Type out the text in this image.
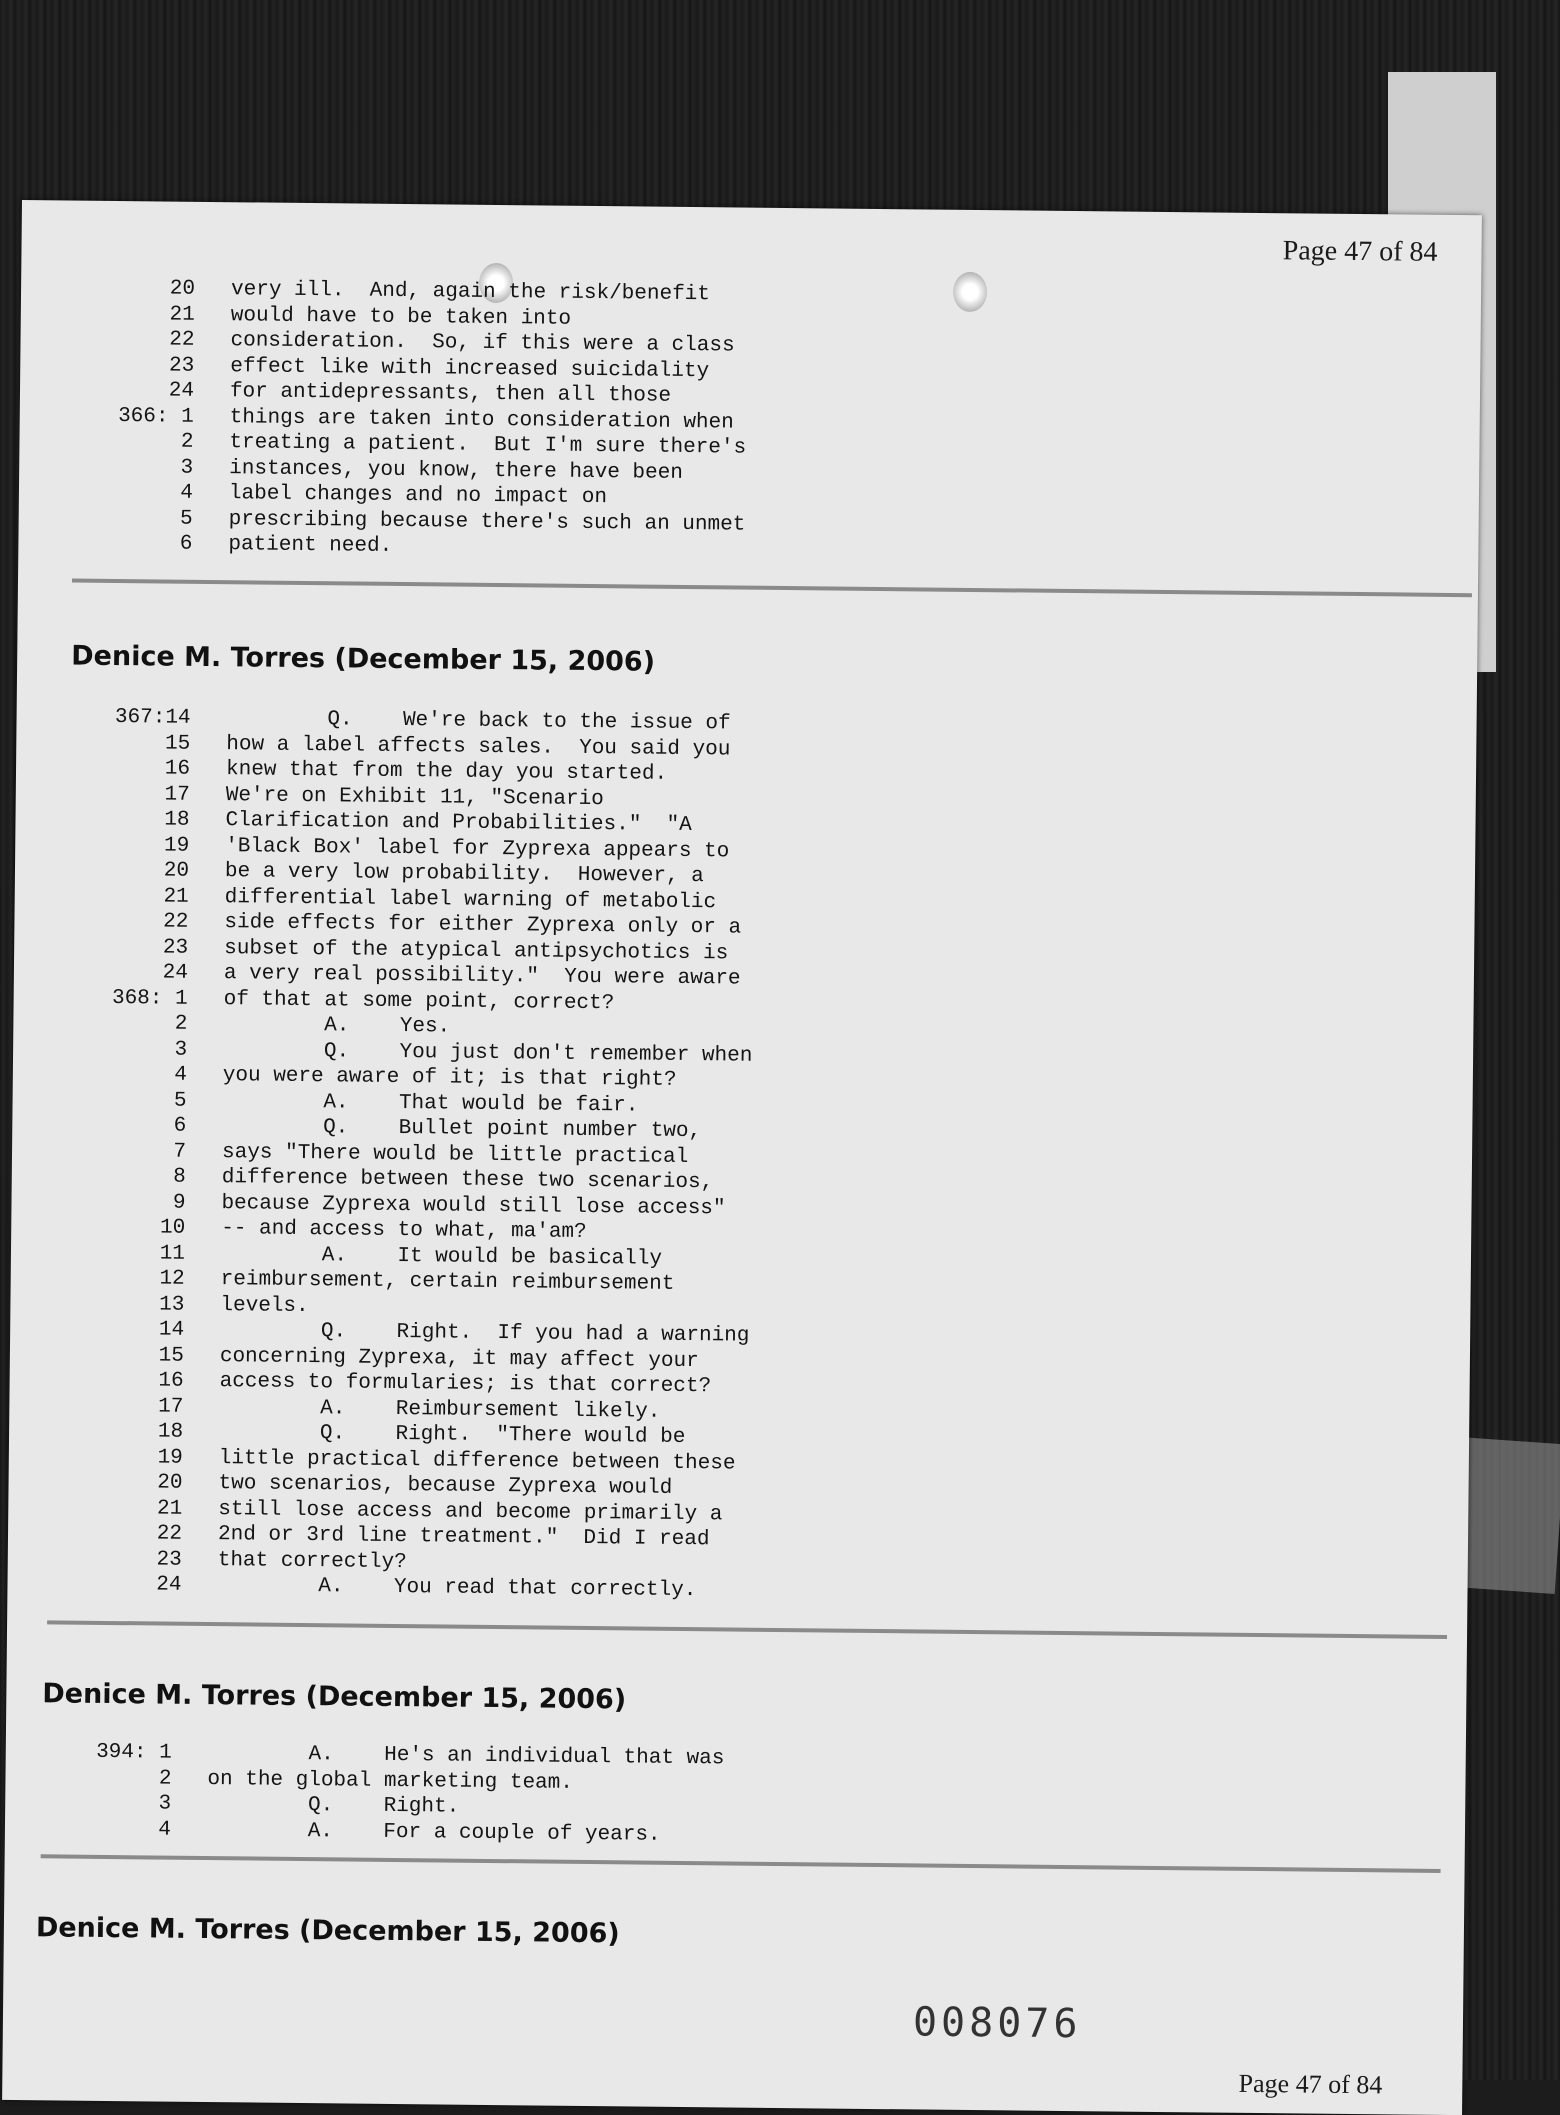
Page 47 of 84
20	very ill.  And, again the risk/benefit
21	would have to be taken into
22	consideration.  So, if this were a class
23	effect like with increased suicidality
24	for antidepressants, then all those
366: 1	things are taken into consideration when
2	treating a patient.  But I'm sure there's
3	instances, you know, there have been
4	label changes and no impact on
5	prescribing because there's such an unmet
6	patient need.
Denice M. Torres (December 15, 2006)
367:14	Q.    We're back to the issue of
15	how a label affects sales.  You said you
16	knew that from the day you started.
17	We're on Exhibit 11, "Scenario
18	Clarification and Probabilities."  "A
19	'Black Box' label for Zyprexa appears to
20	be a very low probability.  However, a
21	differential label warning of metabolic
22	side effects for either Zyprexa only or a
23	subset of the atypical antipsychotics is
24	a very real possibility."  You were aware
368: 1	of that at some point, correct?
2	A.    Yes.
3	Q.    You just don't remember when
4	you were aware of it; is that right?
5	A.    That would be fair.
6	Q.    Bullet point number two,
7	says "There would be little practical
8	difference between these two scenarios,
9	because Zyprexa would still lose access"
10	-- and access to what, ma'am?
11	A.    It would be basically
12	reimbursement, certain reimbursement
13	levels.
14	Q.    Right.  If you had a warning
15	concerning Zyprexa, it may affect your
16	access to formularies; is that correct?
17	A.    Reimbursement likely.
18	Q.    Right.  "There would be
19	little practical difference between these
20	two scenarios, because Zyprexa would
21	still lose access and become primarily a
22	2nd or 3rd line treatment."  Did I read
23	that correctly?
24	A.    You read that correctly.
Denice M. Torres (December 15, 2006)
394: 1	A.    He's an individual that was
2	on the global marketing team.
3	Q.    Right.
4	A.    For a couple of years.
Denice M. Torres (December 15, 2006)
008076
Page 47 of 84
